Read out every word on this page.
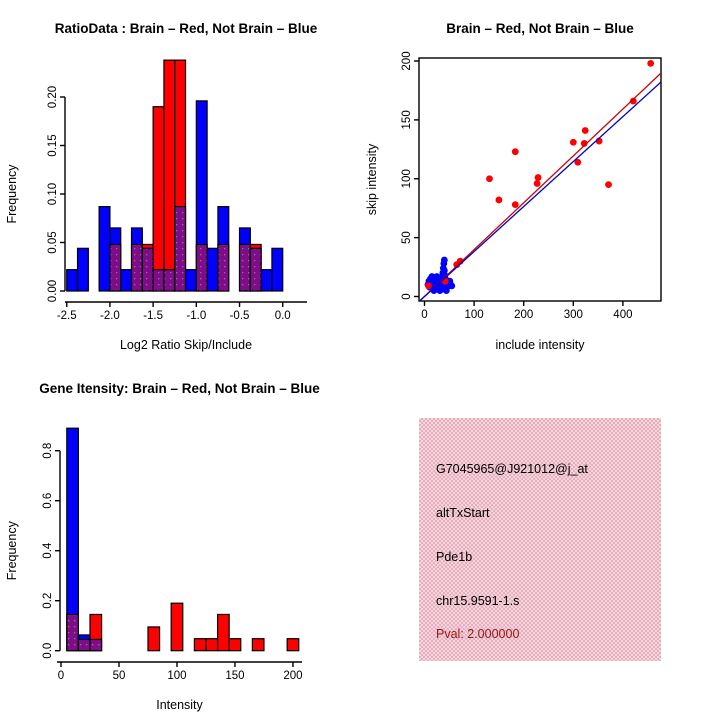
RatioData : Brain – Red, Not Brain – Blue
-2.5 -2.0 -1.5 -1.0 -0.5 0.0
Log2 Ratio Skip/Include
0.00
0.05
0.10
0.15
0.20
Frequency
Brain – Red, Not Brain – Blue
0	100	200	300	400
include intensity
0
50
100
150
200
skip intensity
Gene Itensity: Brain – Red, Not Brain – Blue
0	50	100	150	200
Intensity
0.0
0.2
0.4
0.6
0.8
Frequency
G7045965@J921012@j_at
altTxStart
Pde1b
chr15.9591-1.s
Pval: 2.000000
